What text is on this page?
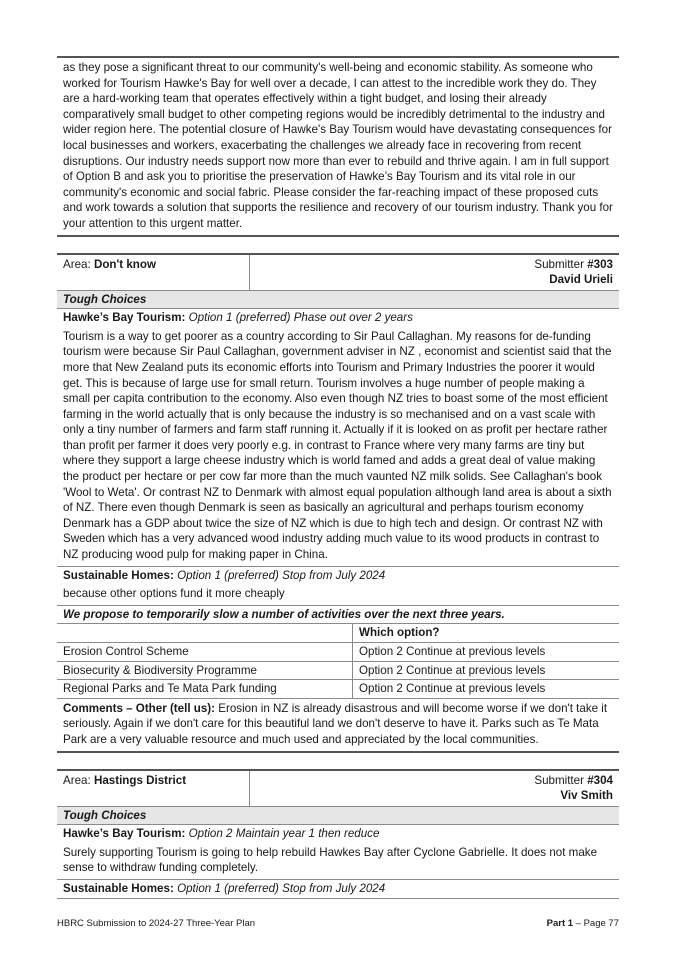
as they pose a significant threat to our community's well-being and economic stability. As someone who worked for Tourism Hawke's Bay for well over a decade, I can attest to the incredible work they do. They are a hard-working team that operates effectively within a tight budget, and losing their already comparatively small budget to other competing regions would be incredibly detrimental to the industry and wider region here. The potential closure of Hawke's Bay Tourism would have devastating consequences for local businesses and workers, exacerbating the challenges we already face in recovering from recent disruptions. Our industry needs support now more than ever to rebuild and thrive again. I am in full support of Option B and ask you to prioritise the preservation of Hawke’s Bay Tourism and its vital role in our community's economic and social fabric. Please consider the far-reaching impact of these proposed cuts and work towards a solution that supports the resilience and recovery of our tourism industry. Thank you for your attention to this urgent matter.

Area: Don't know	Submitter #303
David Urieli
Tough Choices
Hawke’s Bay Tourism: Option 1 (preferred) Phase out over 2 years

Tourism is a way to get poorer as a country according to Sir Paul Callaghan. My reasons for de-funding tourism were because Sir Paul Callaghan, government adviser in NZ , economist and scientist said that the more that New Zealand puts its economic efforts into Tourism and Primary Industries the poorer it would get. This is because of large use for small return. Tourism involves a huge number of people making a small per capita contribution to the economy. Also even though NZ tries to boast some of the most efficient farming in the world actually that is only because the industry is so mechanised and on a vast scale with only a tiny number of farmers and farm staff running it. Actually if it is looked on as profit per hectare rather than profit per farmer it does very poorly e.g. in contrast to France where very many farms are tiny but where they support a large cheese industry which is world famed and adds a great deal of value making the product per hectare or per cow far more than the much vaunted NZ milk solids. See Callaghan's book 'Wool to Weta'. Or contrast NZ to Denmark with almost equal population although land area is about a sixth of NZ. There even though Denmark is seen as basically an agricultural and perhaps tourism economy Denmark has a GDP about twice the size of NZ which is due to high tech and design. Or contrast NZ with Sweden which has a very advanced wood industry adding much value to its wood products in contrast to NZ producing wood pulp for making paper in China.

Sustainable Homes: Option 1 (preferred) Stop from July 2024

because other options fund it more cheaply

We propose to temporarily slow a number of activities over the next three years.
	Which option?
Erosion Control Scheme	Option 2 Continue at previous levels
Biosecurity & Biodiversity Programme	Option 2 Continue at previous levels
Regional Parks and Te Mata Park funding	Option 2 Continue at previous levels

Comments – Other (tell us): Erosion in NZ is already disastrous and will become worse if we don't take it seriously. Again if we don't care for this beautiful land we don't deserve to have it. Parks such as Te Mata Park are a very valuable resource and much used and appreciated by the local communities.

Area: Hastings District	Submitter #304
Viv Smith
Tough Choices
Hawke’s Bay Tourism: Option 2 Maintain year 1 then reduce

Surely supporting Tourism is going to help rebuild Hawkes Bay after Cyclone Gabrielle. It does not make sense to withdraw funding completely.

Sustainable Homes: Option 1 (preferred) Stop from July 2024
HBRC Submission to 2024-27 Three-Year Plan	Part 1 – Page 77
